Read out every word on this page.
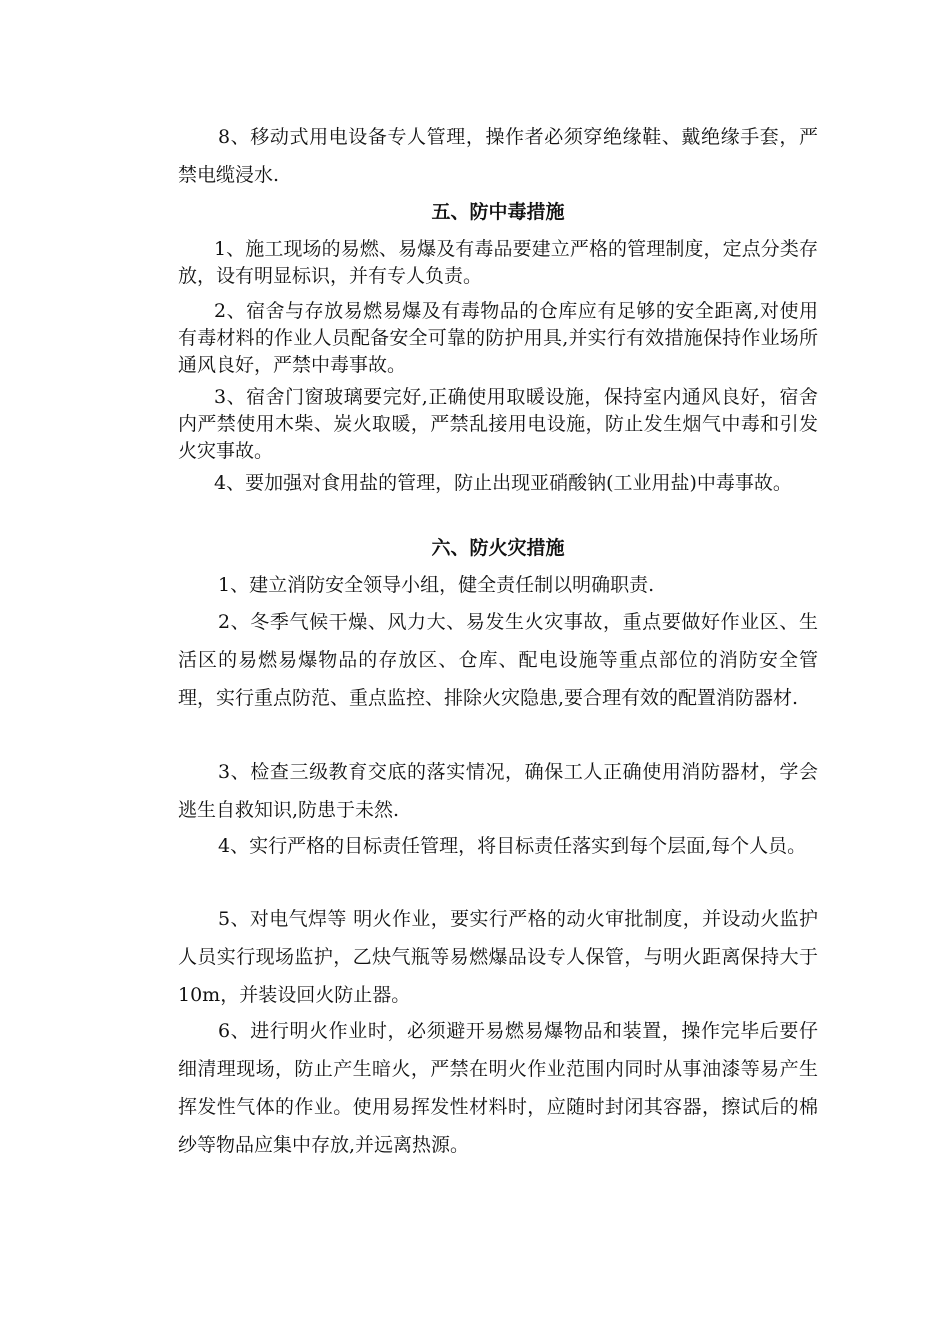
8、移动式用电设备专人管理，操作者必须穿绝缘鞋、戴绝缘手套，严禁电缆浸水.

五、防中毒措施

1、施工现场的易燃、易爆及有毒品要建立严格的管理制度，定点分类存放，设有明显标识，并有专人负责。

2、宿舍与存放易燃易爆及有毒物品的仓库应有足够的安全距离,对使用有毒材料的作业人员配备安全可靠的防护用具,并实行有效措施保持作业场所通风良好，严禁中毒事故。

3、宿舍门窗玻璃要完好,正确使用取暖设施，保持室内通风良好，宿舍内严禁使用木柴、炭火取暖，严禁乱接用电设施，防止发生烟气中毒和引发火灾事故。

4、要加强对食用盐的管理，防止出现亚硝酸钠(工业用盐)中毒事故。

六、防火灾措施

1、建立消防安全领导小组，健全责任制以明确职责.

2、冬季气候干燥、风力大、易发生火灾事故，重点要做好作业区、生活区的易燃易爆物品的存放区、仓库、配电设施等重点部位的消防安全管理，实行重点防范、重点监控、排除火灾隐患,要合理有效的配置消防器材.

3、检查三级教育交底的落实情况，确保工人正确使用消防器材，学会逃生自救知识,防患于未然.

4、实行严格的目标责任管理，将目标责任落实到每个层面,每个人员。

5、对电气焊等 明火作业，要实行严格的动火审批制度，并设动火监护人员实行现场监护，乙炔气瓶等易燃爆品设专人保管，与明火距离保持大于 10m，并装设回火防止器。

6、进行明火作业时，必须避开易燃易爆物品和装置，操作完毕后要仔细清理现场，防止产生暗火，严禁在明火作业范围内同时从事油漆等易产生挥发性气体的作业。使用易挥发性材料时，应随时封闭其容器，擦试后的棉纱等物品应集中存放,并远离热源。
